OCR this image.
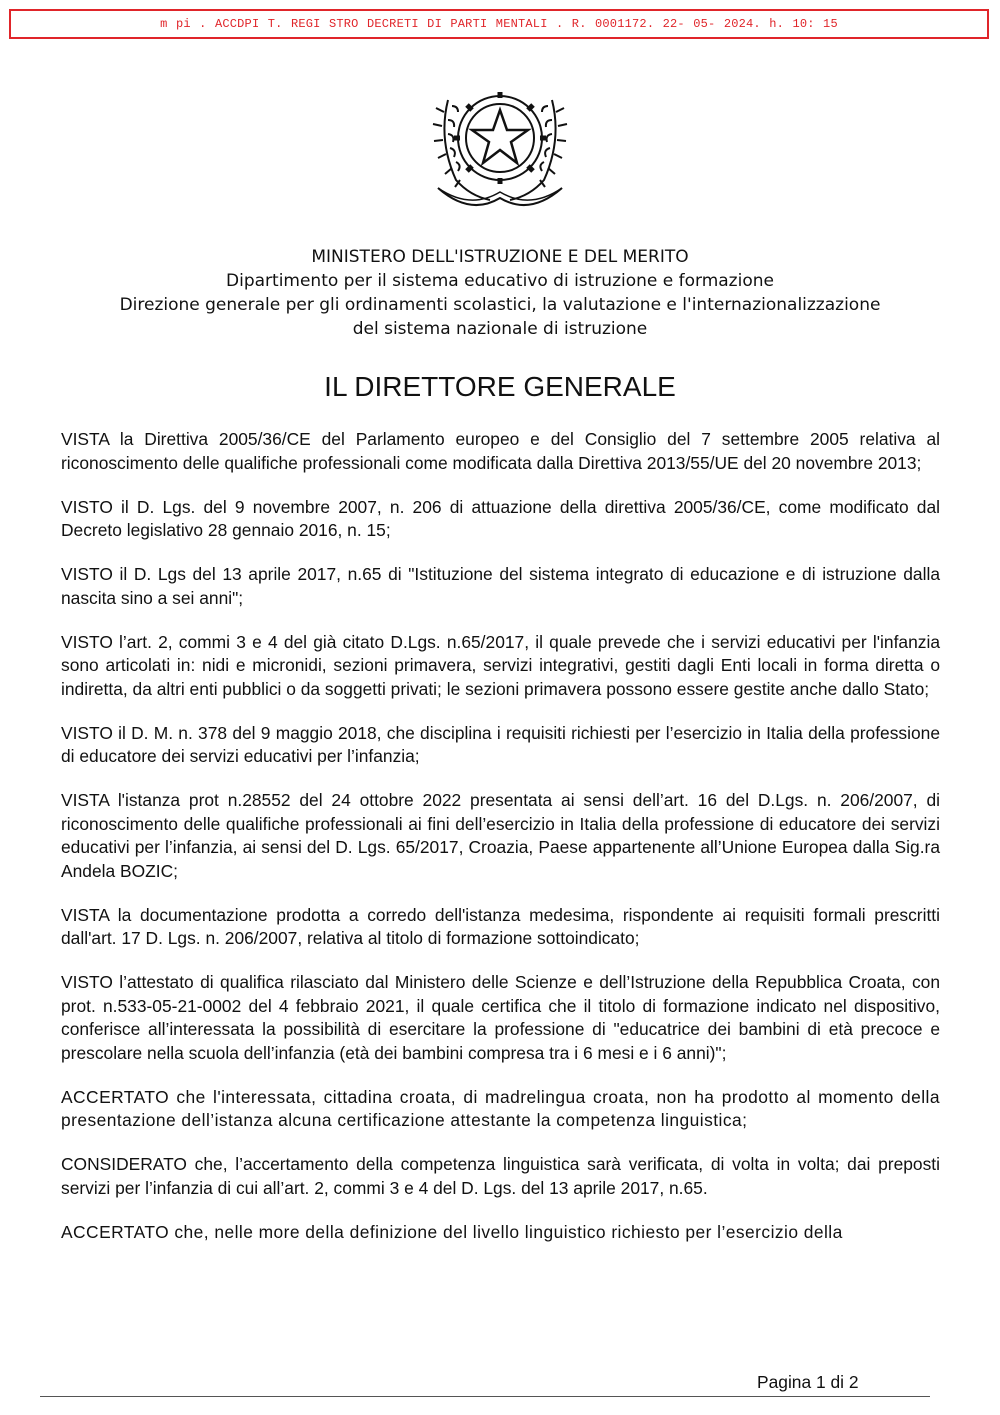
m pi . ACCDPI T. REGI STRO DECRETI DI PARTI MENTALI . R. 0001172. 22- 05- 2024. h. 10: 15
MINISTERO DELL'ISTRUZIONE E DEL MERITO
Dipartimento per il sistema educativo di istruzione e formazione
Direzione generale per gli ordinamenti scolastici, la valutazione e l'internazionalizzazione
del sistema nazionale di istruzione
IL DIRETTORE GENERALE

VISTA la Direttiva 2005/36/CE del Parlamento europeo e del Consiglio del 7 settembre 2005 relativa al riconoscimento delle qualifiche professionali come modificata dalla Direttiva 2013/55/UE del 20 novembre 2013;

VISTO il D. Lgs. del 9 novembre 2007, n. 206 di attuazione della direttiva 2005/36/CE, come modificato dal Decreto legislativo 28 gennaio 2016, n. 15;

VISTO il D. Lgs del 13 aprile 2017, n.65 di "Istituzione del sistema integrato di educazione e di istruzione dalla nascita sino a sei anni";

VISTO l’art. 2, commi 3 e 4 del già citato D.Lgs. n.65/2017, il quale prevede che i servizi educativi per l'infanzia sono articolati in: nidi e micronidi, sezioni primavera, servizi integrativi, gestiti dagli Enti locali in forma diretta o indiretta, da altri enti pubblici o da soggetti privati; le sezioni primavera possono essere gestite anche dallo Stato;

VISTO il D. M. n. 378 del 9 maggio 2018, che disciplina i requisiti richiesti per l’esercizio in Italia della professione di educatore dei servizi educativi per l’infanzia;

VISTA l'istanza prot n.28552 del 24 ottobre 2022 presentata ai sensi dell’art. 16 del D.Lgs. n. 206/2007, di riconoscimento delle qualifiche professionali ai fini dell’esercizio in Italia della professione di educatore dei servizi educativi per l’infanzia, ai sensi del D. Lgs. 65/2017, Croazia, Paese appartenente all’Unione Europea dalla Sig.ra Andela BOZIC;

VISTA la documentazione prodotta a corredo dell'istanza medesima, rispondente ai requisiti formali prescritti dall'art. 17 D. Lgs. n. 206/2007, relativa al titolo di formazione sottoindicato;

VISTO l’attestato di qualifica rilasciato dal Ministero delle Scienze e dell’Istruzione della Repubblica Croata, con prot. n.533-05-21-0002 del 4 febbraio 2021, il quale certifica che il titolo di formazione indicato nel dispositivo, conferisce all’interessata la possibilità di esercitare la professione di "educatrice dei bambini di età precoce e prescolare nella scuola dell’infanzia (età dei bambini compresa tra i 6 mesi e i 6 anni)";

ACCERTATO che l'interessata, cittadina croata, di madrelingua croata, non ha prodotto al momento della presentazione dell’istanza alcuna certificazione attestante la competenza linguistica;

CONSIDERATO che, l’accertamento della competenza linguistica sarà verificata, di volta in volta; dai preposti servizi per l’infanzia di cui all’art. 2, commi 3 e 4 del D. Lgs. del 13 aprile 2017, n.65.

ACCERTATO che, nelle more della definizione del livello linguistico richiesto per l’esercizio della

Pagina 1 di 2
